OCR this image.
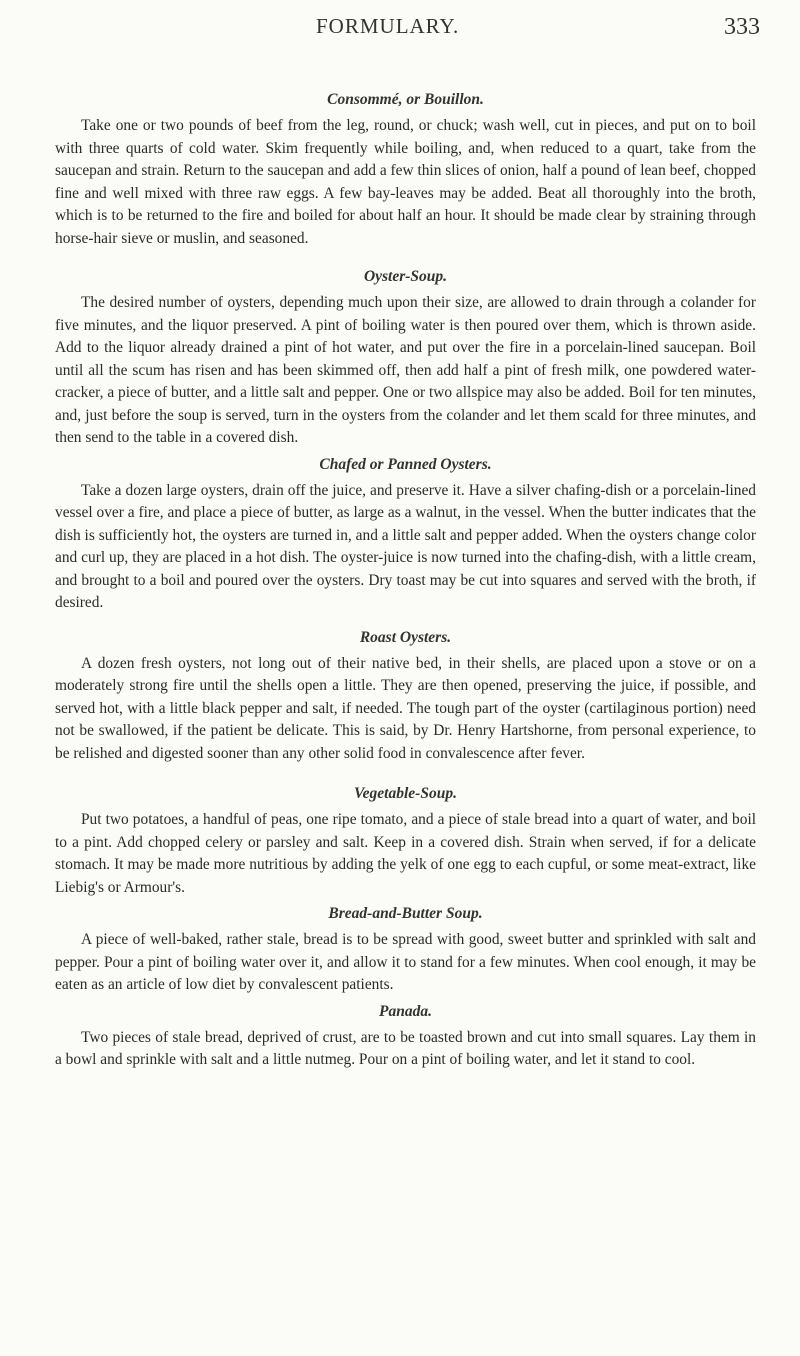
FORMULARY.	333
Consommé, or Bouillon.

Take one or two pounds of beef from the leg, round, or chuck; wash well, cut in pieces, and put on to boil with three quarts of cold water. Skim frequently while boiling, and, when reduced to a quart, take from the saucepan and strain. Return to the saucepan and add a few thin slices of onion, half a pound of lean beef, chopped fine and well mixed with three raw eggs. A few bay-leaves may be added. Beat all thoroughly into the broth, which is to be returned to the fire and boiled for about half an hour. It should be made clear by straining through horse-hair sieve or muslin, and seasoned.

Oyster-Soup.

The desired number of oysters, depending much upon their size, are allowed to drain through a colander for five minutes, and the liquor preserved. A pint of boiling water is then poured over them, which is thrown aside. Add to the liquor already drained a pint of hot water, and put over the fire in a porcelain-lined saucepan. Boil until all the scum has risen and has been skimmed off, then add half a pint of fresh milk, one powdered water-cracker, a piece of butter, and a little salt and pepper. One or two allspice may also be added. Boil for ten minutes, and, just before the soup is served, turn in the oysters from the colander and let them scald for three minutes, and then send to the table in a covered dish.

Chafed or Panned Oysters.

Take a dozen large oysters, drain off the juice, and preserve it. Have a silver chafing-dish or a porcelain-lined vessel over a fire, and place a piece of butter, as large as a walnut, in the vessel. When the butter indicates that the dish is sufficiently hot, the oysters are turned in, and a little salt and pepper added. When the oysters change color and curl up, they are placed in a hot dish. The oyster-juice is now turned into the chafing-dish, with a little cream, and brought to a boil and poured over the oysters. Dry toast may be cut into squares and served with the broth, if desired.

Roast Oysters.

A dozen fresh oysters, not long out of their native bed, in their shells, are placed upon a stove or on a moderately strong fire until the shells open a little. They are then opened, preserving the juice, if possible, and served hot, with a little black pepper and salt, if needed. The tough part of the oyster (cartilaginous portion) need not be swallowed, if the patient be delicate. This is said, by Dr. Henry Hartshorne, from personal experience, to be relished and digested sooner than any other solid food in convalescence after fever.

Vegetable-Soup.

Put two potatoes, a handful of peas, one ripe tomato, and a piece of stale bread into a quart of water, and boil to a pint. Add chopped celery or parsley and salt. Keep in a covered dish. Strain when served, if for a delicate stomach. It may be made more nutritious by adding the yelk of one egg to each cupful, or some meat-extract, like Liebig's or Armour's.

Bread-and-Butter Soup.

A piece of well-baked, rather stale, bread is to be spread with good, sweet butter and sprinkled with salt and pepper. Pour a pint of boiling water over it, and allow it to stand for a few minutes. When cool enough, it may be eaten as an article of low diet by convalescent patients.

Panada.

Two pieces of stale bread, deprived of crust, are to be toasted brown and cut into small squares. Lay them in a bowl and sprinkle with salt and a little nutmeg. Pour on a pint of boiling water, and let it stand to cool.
